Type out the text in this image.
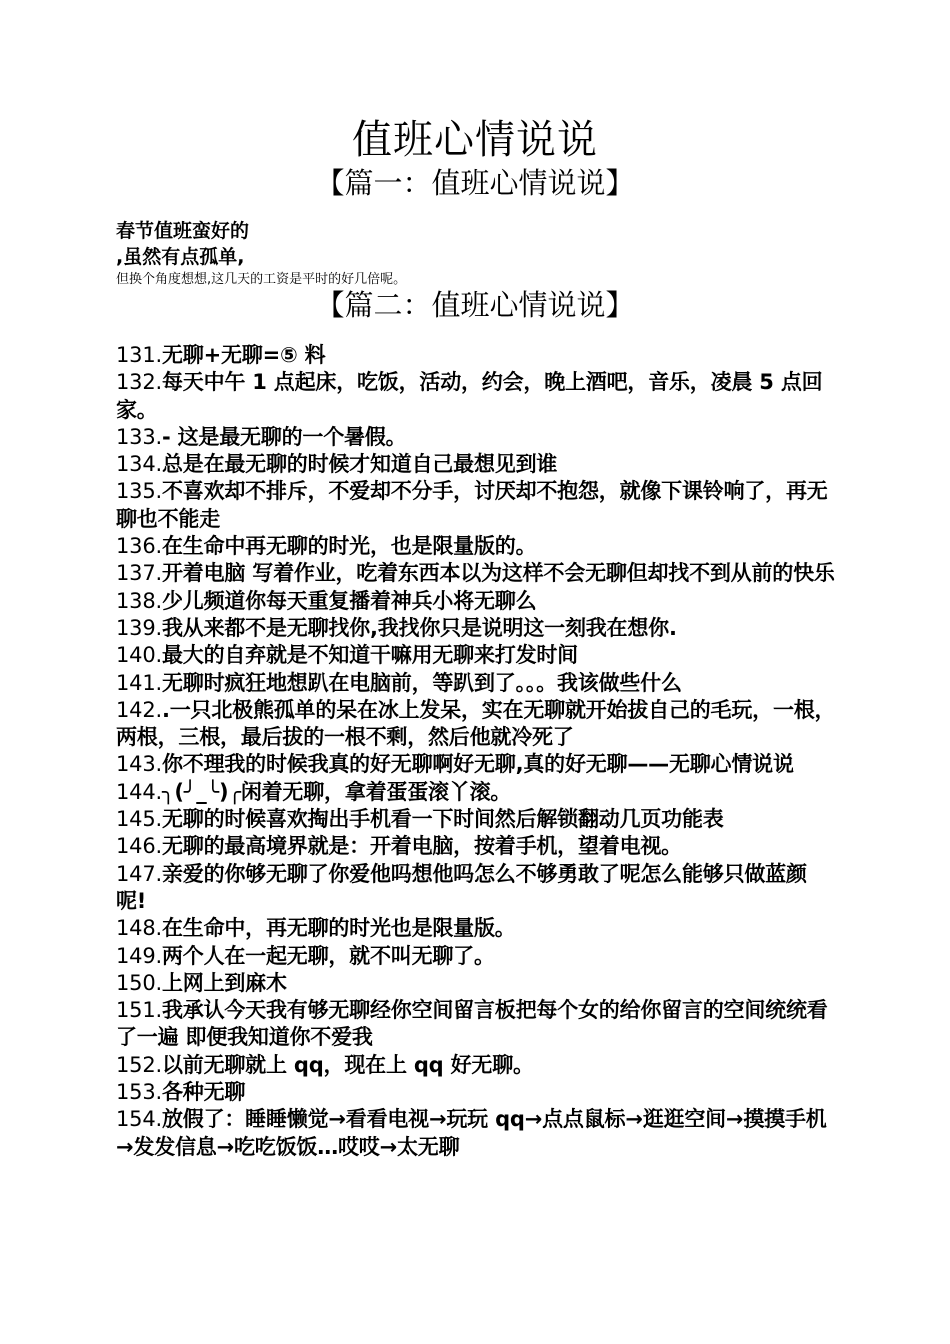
值班心情说说
【篇一：值班心情说说】

春节值班蛮好的

,虽然有点孤单,

但换个角度想想,这几天的工资是平时的好几倍呢。

【篇二：值班心情说说】

131.无聊+无聊=⑤ 料

132.每天中午 1 点起床，吃饭，活动，约会，晚上酒吧，音乐，凌晨 5 点回家。

133.- 这是最无聊的一个暑假。

134.总是在最无聊的时候才知道自己最想见到谁

135.不喜欢却不排斥，不爱却不分手，讨厌却不抱怨，就像下课铃响了，再无聊也不能走

136.在生命中再无聊的时光，也是限量版的。

137.开着电脑 写着作业，吃着东西本以为这样不会无聊但却找不到从前的快乐

138.少儿频道你每天重复播着神兵小将无聊么

139.我从来都不是无聊找你,我找你只是说明这一刻我在想你.

140.最大的自弃就是不知道干嘛用无聊来打发时间

141.无聊时疯狂地想趴在电脑前，等趴到了。。。我该做些什么

142..一只北极熊孤单的呆在冰上发呆，实在无聊就开始拔自己的毛玩，一根，两根，三根，最后拔的一根不剩，然后他就冷死了

143.你不理我的时候我真的好无聊啊好无聊,真的好无聊——无聊心情说说

144.╮(╯_╰)╭闲着无聊，拿着蛋蛋滚丫滚。

145.无聊的时候喜欢掏出手机看一下时间然后解锁翻动几页功能表

146.无聊的最高境界就是：开着电脑，按着手机，望着电视。

147.亲爱的你够无聊了你爱他吗想他吗怎么不够勇敢了呢怎么能够只做蓝颜呢!

148.在生命中，再无聊的时光也是限量版。

149.两个人在一起无聊，就不叫无聊了。

150.上网上到麻木

151.我承认今天我有够无聊经你空间留言板把每个女的给你留言的空间统统看了一遍 即便我知道你不爱我

152.以前无聊就上 qq，现在上 qq 好无聊。

153.各种无聊

154.放假了：睡睡懒觉→看看电视→玩玩 qq→点点鼠标→逛逛空间→摸摸手机→发发信息→吃吃饭饭…哎哎→太无聊
